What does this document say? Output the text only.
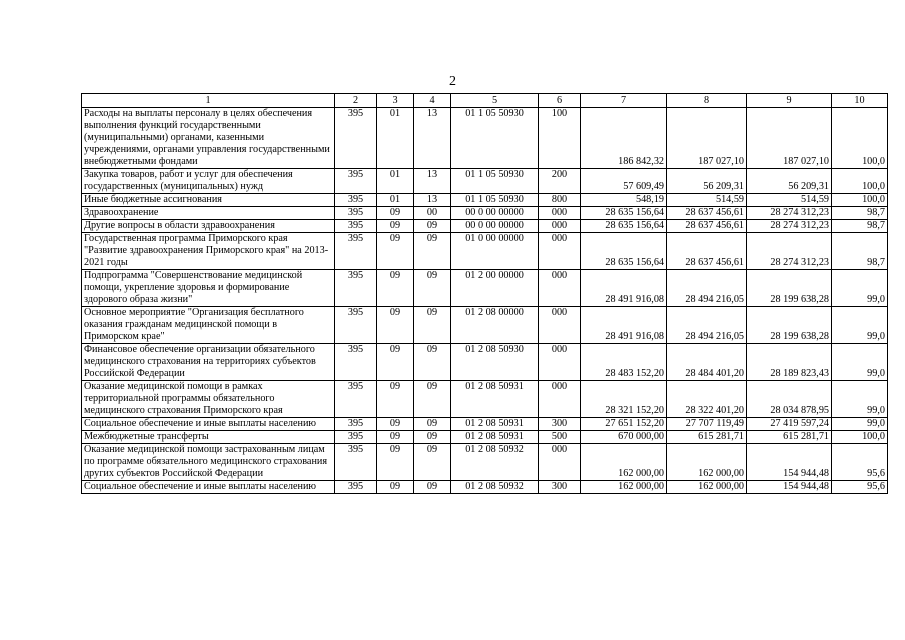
2
1	2	3	4	5	6	7	8	9	10
Расходы на выплаты персоналу в целях обеспечения выполнения функций государственными (муниципальными) органами, казенными учреждениями, органами управления государственными внебюджетными фондами	395	01	13	01 1 05 50930	100	186 842,32	187 027,10	187 027,10	100,0
Закупка товаров, работ и услуг для обеспечения государственных (муниципальных) нужд	395	01	13	01 1 05 50930	200	57 609,49	56 209,31	56 209,31	100,0
Иные бюджетные ассигнования	395	01	13	01 1 05 50930	800	548,19	514,59	514,59	100,0
Здравоохранение	395	09	00	00 0 00 00000	000	28 635 156,64	28 637 456,61	28 274 312,23	98,7
Другие вопросы в области здравоохранения	395	09	09	00 0 00 00000	000	28 635 156,64	28 637 456,61	28 274 312,23	98,7
Государственная программа Приморского края "Развитие здравоохранения Приморского края" на 2013-2021 годы	395	09	09	01 0 00 00000	000	28 635 156,64	28 637 456,61	28 274 312,23	98,7
Подпрограмма "Совершенствование медицинской помощи, укрепление здоровья и формирование здорового образа жизни"	395	09	09	01 2 00 00000	000	28 491 916,08	28 494 216,05	28 199 638,28	99,0
Основное мероприятие "Организация бесплатного оказания гражданам медицинской помощи в Приморском крае"	395	09	09	01 2 08 00000	000	28 491 916,08	28 494 216,05	28 199 638,28	99,0
Финансовое обеспечение организации обязательного медицинского страхования на территориях субъектов Российской Федерации	395	09	09	01 2 08 50930	000	28 483 152,20	28 484 401,20	28 189 823,43	99,0
Оказание медицинской помощи в рамках территориальной программы обязательного медицинского страхования Приморского края	395	09	09	01 2 08 50931	000	28 321 152,20	28 322 401,20	28 034 878,95	99,0
Социальное обеспечение и иные выплаты населению	395	09	09	01 2 08 50931	300	27 651 152,20	27 707 119,49	27 419 597,24	99,0
Межбюджетные трансферты	395	09	09	01 2 08 50931	500	670 000,00	615 281,71	615 281,71	100,0
Оказание медицинской помощи застрахованным лицам по программе обязательного медицинского страхования других субъектов Российской Федерации	395	09	09	01 2 08 50932	000	162 000,00	162 000,00	154 944,48	95,6
Социальное обеспечение и иные выплаты населению	395	09	09	01 2 08 50932	300	162 000,00	162 000,00	154 944,48	95,6
